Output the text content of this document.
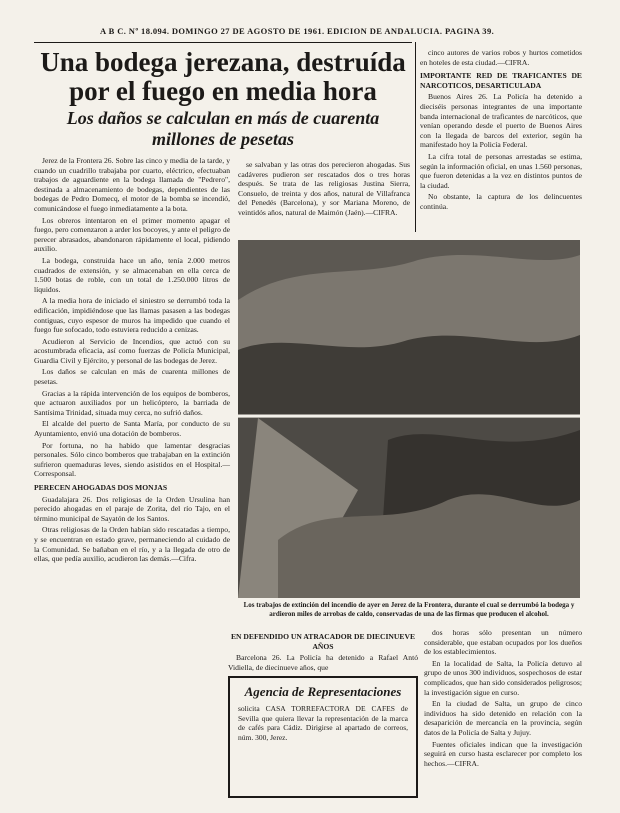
A B C. Nº 18.094. DOMINGO 27 DE AGOSTO DE 1961. EDICION DE ANDALUCIA. PAGINA 39.
Una bodega jerezana, destruída por el fuego en media hora
Los daños se calculan en más de cuarenta millones de pesetas

Jerez de la Frontera 26. Sobre las cinco y media de la tarde, y cuando un cuadrillo trabajaba por cuarto, eléctrico, efectuaban trabajos de aguardiente en la bodega llamada de "Pedrero", destinada a almacenamiento de bodegas, dependientes de las bodegas de Pedro Domecq, el motor de la bomba se incendió, comunicándose el fuego inmediatamente a la bota.

Los obreros intentaron en el primer momento apagar el fuego, pero comenzaron a arder los bocoyes, y ante el peligro de perecer abrasados, abandonaron rápidamente el local, pidiendo auxilio.

La bodega, construida hace un año, tenía 2.000 metros cuadrados de extensión, y se almacenaban en ella cerca de 1.500 botas de roble, con un total de 1.250.000 litros de líquidos.

A la media hora de iniciado el siniestro se derrumbó toda la edificación, impidiéndose que las llamas pasasen a las bodegas contiguas, cuyo espesor de muros ha impedido que cuando el fuego fue sofocado, todo estuviera reducido a cenizas.

Acudieron al Servicio de Incendios, que actuó con su acostumbrada eficacia, así como fuerzas de Policía Municipal, Guardia Civil y Ejército, y personal de las bodegas de Jerez.

Los daños se calculan en más de cuarenta millones de pesetas.

Gracias a la rápida intervención de los equipos de bomberos, que actuaron auxiliados por un helicóptero, la barriada de Santísima Trinidad, situada muy cerca, no sufrió daños.

El alcalde del puerto de Santa María, por conducto de su Ayuntamiento, envió una dotación de bomberos.

Por fortuna, no ha habido que lamentar desgracias personales. Sólo cinco bomberos que trabajaban en la extinción sufrieron quemaduras leves, siendo asistidos en el Hospital.—Corresponsal.

PERECEN AHOGADAS DOS MONJAS

Guadalajara 26. Dos religiosas de la Orden Ursulina han perecido ahogadas en el paraje de Zorita, del río Tajo, en el término municipal de Sayatón de los Santos.

Otras religiosas de la Orden habían sido rescatadas a tiempo, y se encuentran en estado grave, permaneciendo al cuidado de la Comunidad. Se bañaban en el río, y a la llegada de otro de ellas, que pedía auxilio, acudieron las demás.—Cifra.

se salvaban y las otras dos perecieron ahogadas. Sus cadáveres pudieron ser rescatados dos o tres horas después. Se trata de las religiosas Justina Sierra, Consuelo, de treinta y dos años, natural de Villafranca del Penedés (Barcelona), y sor Mariana Moreno, de veintidós años, natural de Maimón (Jaén).—CIFRA.

cinco autores de varios robos y hurtos cometidos en hoteles de esta ciudad.—CIFRA.

IMPORTANTE RED DE TRAFICANTES DE NARCOTICOS, DESARTICULADA

Buenos Aires 26. La Policía ha detenido a dieciséis personas integrantes de una importante banda internacional de traficantes de narcóticos, que venían operando desde el puerto de Buenos Aires con la llegada de barcos del exterior, según ha manifestado hoy la Policía Federal.

La cifra total de personas arrestadas se estima, según la información oficial, en unas 1.560 personas, que fueron detenidas a la vez en distintos puntos de la ciudad.

No obstante, la captura de los delincuentes continúa.

Los trabajos de extinción del incendio de ayer en Jerez de la Frontera, durante el cual se derrumbó la bodega y ardieron miles de arrobas de caldo, conservadas de una de las firmas que producen el alcohol.

EN DEFENDIDO UN ATRACADOR DE DIECINUEVE AÑOS

Barcelona 26. La Policía ha detenido a Rafael Antó Vidiella, de diecinueve años, que

Agencia de Representaciones
solicita CASA TORREFACTORA DE CAFES de Sevilla que quiera llevar la representación de la marca de cafés para Cádiz. Dirigirse al apartado de correos, núm. 300, Jerez.

dos horas sólo presentan un número considerable, que estaban ocupados por los dueños de los establecimientos.

En la localidad de Salta, la Policía detuvo al grupo de unos 300 individuos, sospechosos de estar complicados, que han sido considerados peligrosos; la investigación sigue en curso.

En la ciudad de Salta, un grupo de cinco individuos ha sido detenido en relación con la desaparición de mercancía en la provincia, según datos de la Policía de Salta y Jujuy.

Fuentes oficiales indican que la investigación seguirá en curso hasta esclarecer por completo los hechos.—CIFRA.
